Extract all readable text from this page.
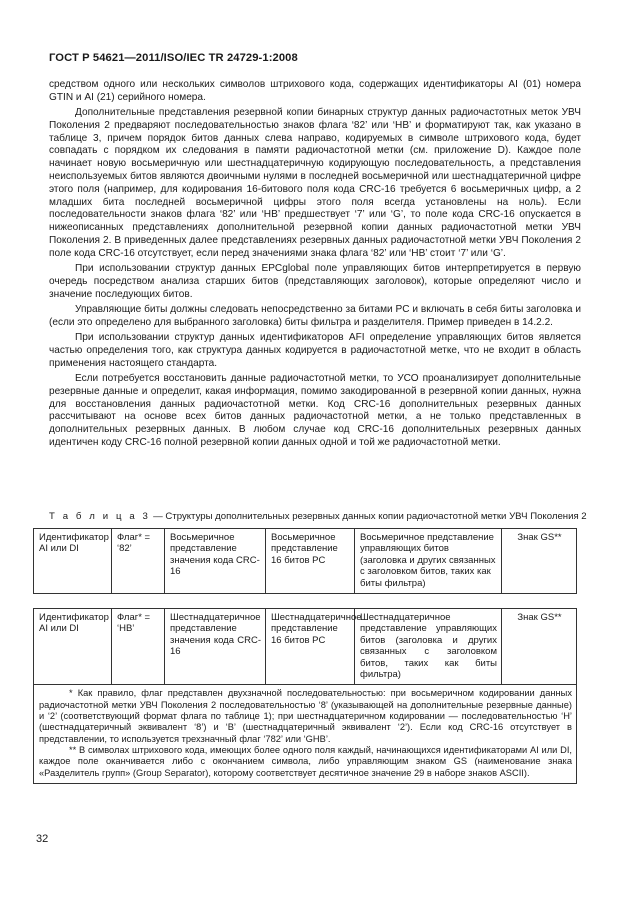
ГОСТ Р 54621—2011/ISO/IEC TR 24729-1:2008

средством одного или нескольких символов штрихового кода, содержащих идентификаторы AI (01) номера GTIN и AI (21) серийного номера.

Дополнительные представления резервной копии бинарных структур данных радиочастотных меток УВЧ Поколения 2 предваряют последовательностью знаков флага ‘82’ или ‘HB’ и форматируют так, как указано в таблице 3, причем порядок битов данных слева направо, кодируемых в символе штрихового кода, будет совпадать с порядком их следования в памяти радиочастотной метки (см. приложение D). Каждое поле начинает новую восьмеричную или шестнадцатеричную кодирующую последовательность, а представления неиспользуемых битов являются двоичными нулями в последней восьмеричной или шестнадцатеричной цифре этого поля (например, для кодирования 16-битового поля кода CRC-16 требуется 6 восьмеричных цифр, а 2 младших бита последней восьмеричной цифры этого поля всегда установлены на ноль). Если последовательности знаков флага ‘82’ или ‘HB’ предшествует ‘7’ или ‘G’, то поле кода CRC-16 опускается в нижеописанных представлениях дополнительной резервной копии данных радиочастотной метки УВЧ Поколения 2. В приведенных далее представлениях резервных данных радиочастотной метки УВЧ Поколения 2 поле кода CRC-16 отсутствует, если перед значениями знака флага ‘82’ или ‘HB’ стоит ‘7’ или ‘G’.

При использовании структур данных EPCglobal поле управляющих битов интерпретируется в первую очередь посредством анализа старших битов (представляющих заголовок), которые определяют число и значение последующих битов.

Управляющие биты должны следовать непосредственно за битами PC и включать в себя биты заголовка и (если это определено для выбранного заголовка) биты фильтра и разделителя. Пример приведен в 14.2.2.

При использовании структур данных идентификаторов AFI определение управляющих битов является частью определения того, как структура данных кодируется в радиочастотной метке, что не входит в область применения настоящего стандарта.

Если потребуется восстановить данные радиочастотной метки, то УСО проанализирует дополнительные резервные данные и определит, какая информация, помимо закодированной в резервной копии данных, нужна для восстановления данных радиочастотной метки. Код CRC-16 дополнительных резервных данных рассчитывают на основе всех битов данных радиочастотной метки, а не только представленных в дополнительных резервных данных. В любом случае код CRC-16 дополнительных резервных данных идентичен коду CRC-16 полной резервной копии данных одной и той же радиочастотной метки.

Т а б л и ц а 3 — Структуры дополнительных резервных данных копии радиочастотной метки УВЧ Поколения 2
Идентификатор AI или DI	Флаг* = ‘82’	Восьмеричное представление значения кода CRC-16	Восьмеричное представление 16 битов PC	Восьмеричное представление управляющих битов (заголовка и других связанных с заголовком битов, таких как биты фильтра)	Знак GS**
Идентификатор AI или DI	Флаг* = ‘HB’	Шестнадцатеричное представление значения кода CRC-16	Шестнадцатеричное представление 16 битов PC	Шестнадцатеричное представление управляющих битов (заголовка и других связанных с заголовком битов, таких как биты фильтра)	Знак GS**

* Как правило, флаг представлен двухзначной последовательностью: при восьмеричном кодировании данных радиочастотной метки УВЧ Поколения 2 последовательностью ‘8’ (указывающей на дополнительные резервные данные) и ‘2’ (соответствующий формат флага по таблице 1); при шестнадцатеричном кодировании — последовательностью ‘H’ (шестнадцатеричный эквивалент ‘8’) и ‘B’ (шестнадцатеричный эквивалент ‘2’). Если код CRC-16 отсутствует в представлении, то используется трехзначный флаг ‘782’ или ‘GHB’.

** В символах штрихового кода, имеющих более одного поля каждый, начинающихся идентификаторами AI или DI, каждое поле оканчивается либо с окончанием символа, либо управляющим знаком GS (наименование знака «Разделитель групп» (Group Separator), которому соответствует десятичное значение 29 в наборе знаков ASCII).

32
